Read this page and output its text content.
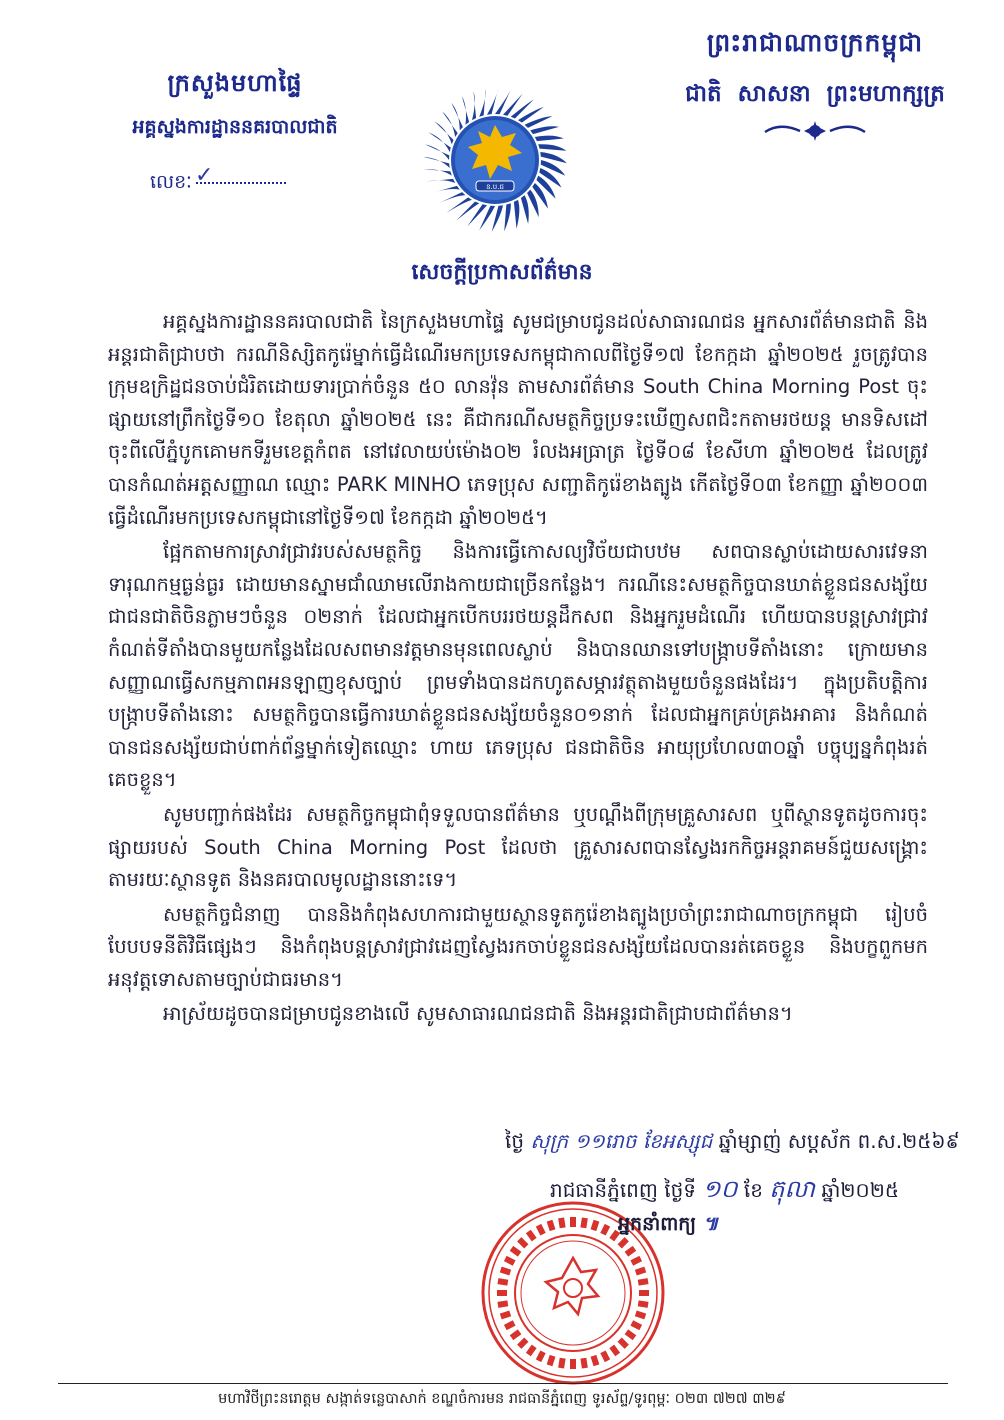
ក្រសួងមហាផ្ទៃ
អគ្គស្នងការដ្ឋាននគរបាលជាតិ
លេខៈ ✓
ព្រះរាជាណាចក្រកម្ពុជា
ជាតិ សាសនា ព្រះមហាក្សត្រ
ន.ប.ជ
សេចក្តីប្រកាសព័ត៌មាន

អគ្គស្នងការដ្ឋាននគរបាលជាតិ នៃក្រសួងមហាផ្ទៃ សូមជម្រាបជូនដល់សាធារណជន អ្នកសារព័ត៌មានជាតិ និងអន្តរជាតិជ្រាបថា ករណីនិស្សិតកូរ៉េម្នាក់ធ្វើដំណើរមកប្រទេសកម្ពុជាកាលពីថ្ងៃទី១៧ ខែកក្កដា ឆ្នាំ២០២៥ រួចត្រូវបានក្រុមឧក្រិដ្ឋជនចាប់ជំរិតដោយទារប្រាក់ចំនួន ៥០ លានវ៉ុន តាមសារព័ត៌មាន South China Morning Post ចុះផ្សាយនៅព្រឹកថ្ងៃទី១០ ខែតុលា ឆ្នាំ២០២៥ នេះ គឺជាករណីសមត្ថកិច្ចប្រទះឃើញសពជិះកតាមរថយន្ត មានទិសដៅចុះពីលើភ្នំបូកគោមកទីរួមខេត្តកំពត នៅវេលាយប់ម៉ោង០២ រំលងអធ្រាត្រ ថ្ងៃទី០៨ ខែសីហា ឆ្នាំ២០២៥ ដែលត្រូវបានកំណត់អត្តសញ្ញាណ ឈ្មោះ PARK MINHO ភេទប្រុស សញ្ជាតិកូរ៉េខាងត្បូង កើតថ្ងៃទី០៣ ខែកញ្ញា ឆ្នាំ២០០៣ ធ្វើដំណើរមកប្រទេសកម្ពុជានៅថ្ងៃទី១៧ ខែកក្កដា ឆ្នាំ២០២៥។

ផ្អែកតាមការស្រាវជ្រាវរបស់សមត្ថកិច្ច និងការធ្វើកោសល្យវិច័យជាបឋម សពបានស្លាប់ដោយសារវេទនាទារុណកម្មធ្ងន់ធ្ងរ ដោយមានស្នាមជាំឈាមលើរាងកាយជាច្រើនកន្លែង។ ករណីនេះសមត្ថកិច្ចបានឃាត់ខ្លួនជនសង្ស័យជាជនជាតិចិនភ្លាមៗចំនួន ០២នាក់ ដែលជាអ្នកបើកបររថយន្តដឹកសព និងអ្នករួមដំណើរ ហើយបានបន្តស្រាវជ្រាវកំណត់ទីតាំងបានមួយកន្លែងដែលសពមានវត្តមានមុនពេលស្លាប់ និងបានឈានទៅបង្ក្រាបទីតាំងនោះ ក្រោយមានសញ្ញាណធ្វើសកម្មភាពអនឡាញខុសច្បាប់ ព្រមទាំងបានដកហូតសម្ភារវត្ថុតាងមួយចំនួនផងដែរ។ ក្នុងប្រតិបត្តិការបង្ក្រាបទីតាំងនោះ សមត្ថកិច្ចបានធ្វើការឃាត់ខ្លួនជនសង្ស័យចំនួន០១នាក់ ដែលជាអ្នកគ្រប់គ្រងអាគារ និងកំណត់បានជនសង្ស័យជាប់ពាក់ព័ន្ធម្នាក់ទៀតឈ្មោះ ហាយ ភេទប្រុស ជនជាតិចិន អាយុប្រហែល៣០ឆ្នាំ បច្ចុប្បន្នកំពុងរត់គេចខ្លួន។

សូមបញ្ជាក់ផងដែរ សមត្ថកិច្ចកម្ពុជាពុំទទួលបានព័ត៌មាន ឬបណ្តឹងពីក្រុមគ្រួសារសព ឬពីស្ថានទូតដូចការចុះផ្សាយរបស់ South China Morning Post ដែលថា គ្រួសារសពបានស្វែងរកកិច្ចអន្តរាគមន៍ជួយសង្គ្រោះតាមរយៈស្ថានទូត និងនគរបាលមូលដ្ឋាននោះទេ។

សមត្ថកិច្ចជំនាញ បាននិងកំពុងសហការជាមួយស្ថានទូតកូរ៉េខាងត្បូងប្រចាំព្រះរាជាណាចក្រកម្ពុជា រៀបចំបែបបទនីតិវិធីផ្សេងៗ និងកំពុងបន្តស្រាវជ្រាវដេញស្វែងរកចាប់ខ្លួនជនសង្ស័យដែលបានរត់គេចខ្លួន និងបក្ខពួកមកអនុវត្តទោសតាមច្បាប់ជាធរមាន។

អាស្រ័យដូចបានជម្រាបជូនខាងលើ សូមសាធារណជនជាតិ និងអន្តរជាតិជ្រាបជាព័ត៌មាន។

ថ្ងៃ សុក្រ ១១រោច ខែអស្សុជ ឆ្នាំម្សាញ់ សប្តស័ក ព.ស.២៥៦៩
រាជធានីភ្នំពេញ ថ្ងៃទី ១០ ខែ តុលា ឆ្នាំ២០២៥
អ្នកនាំពាក្យ ៕
មហាវិថីព្រះនរោត្តម សង្កាត់ទន្លេបាសាក់ ខណ្ឌចំការមន រាជធានីភ្នំពេញ ទូរស័ព្ទ/ទូរពុម្ពៈ ០២៣ ៧២៧ ៣២៩
